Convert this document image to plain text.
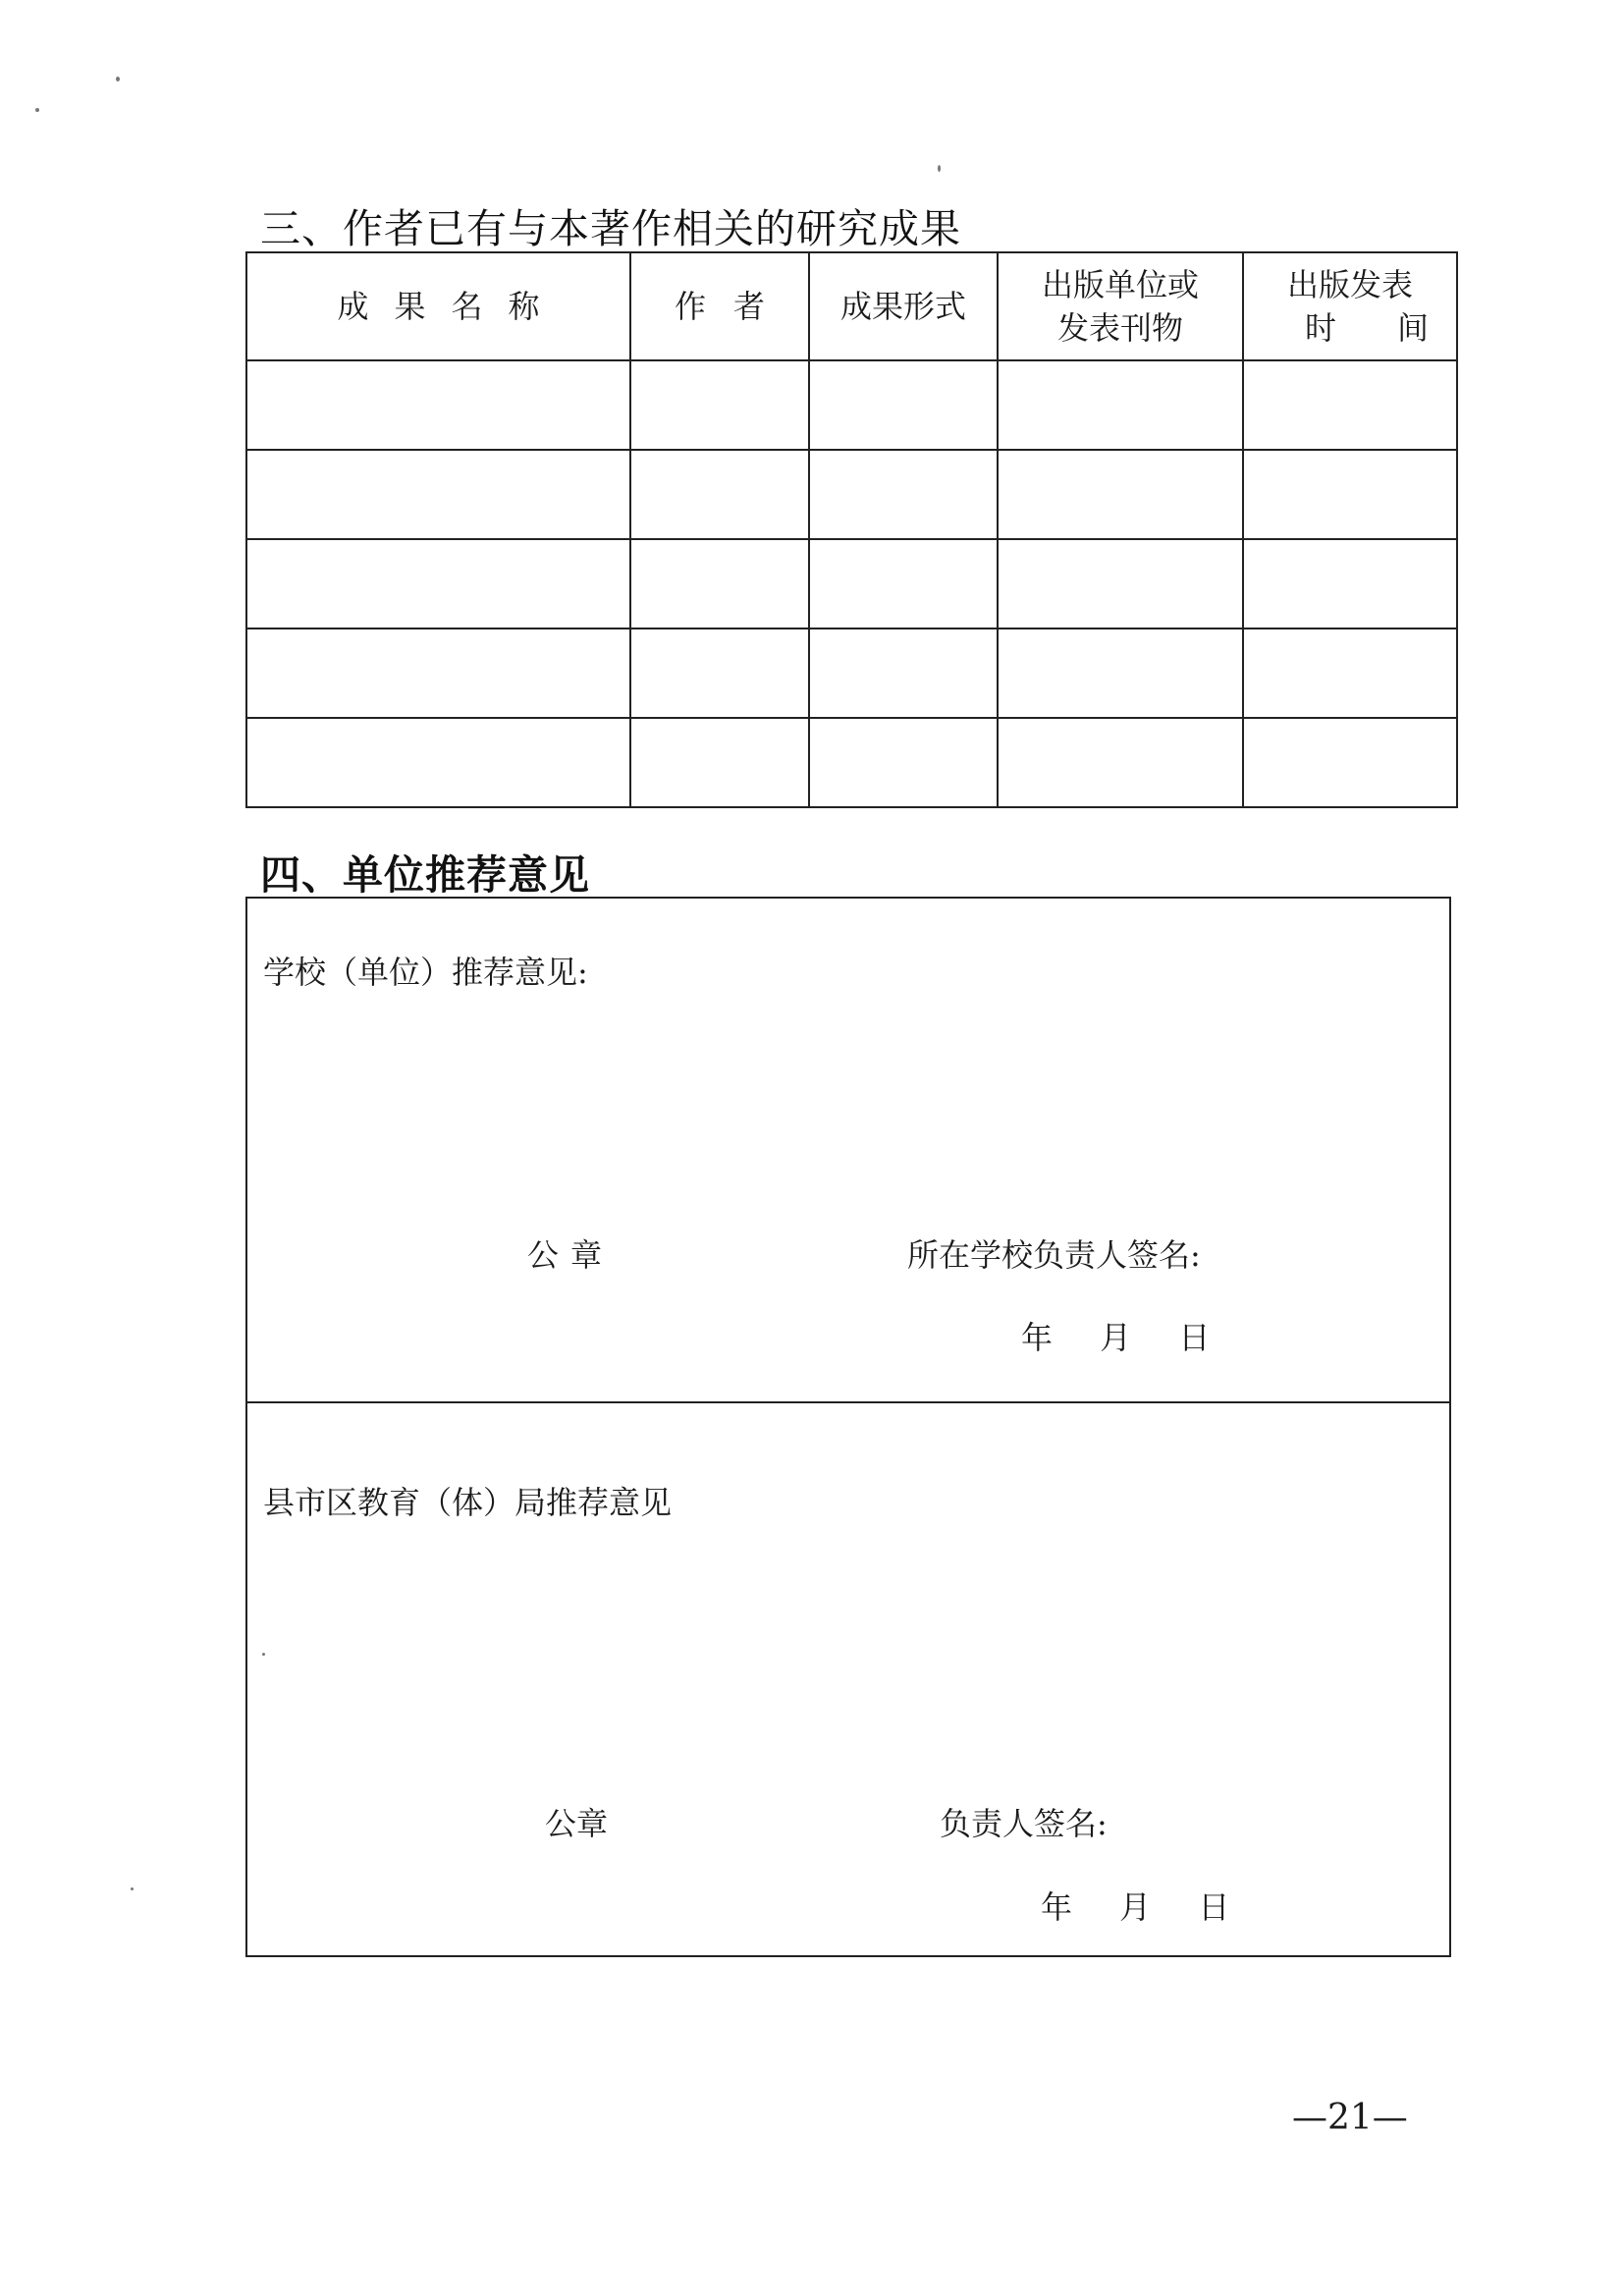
三、作者已有与本著作相关的研究成果
成果名称	作者	成果形式	出版单位或
发表刊物	出版发表
时间

四、单位推荐意见
学校（单位）推荐意见:
公章	所在学校负责人签名:
年 月 日
县市区教育（体）局推荐意见
公章	负责人签名:
年 月 日
—21—
